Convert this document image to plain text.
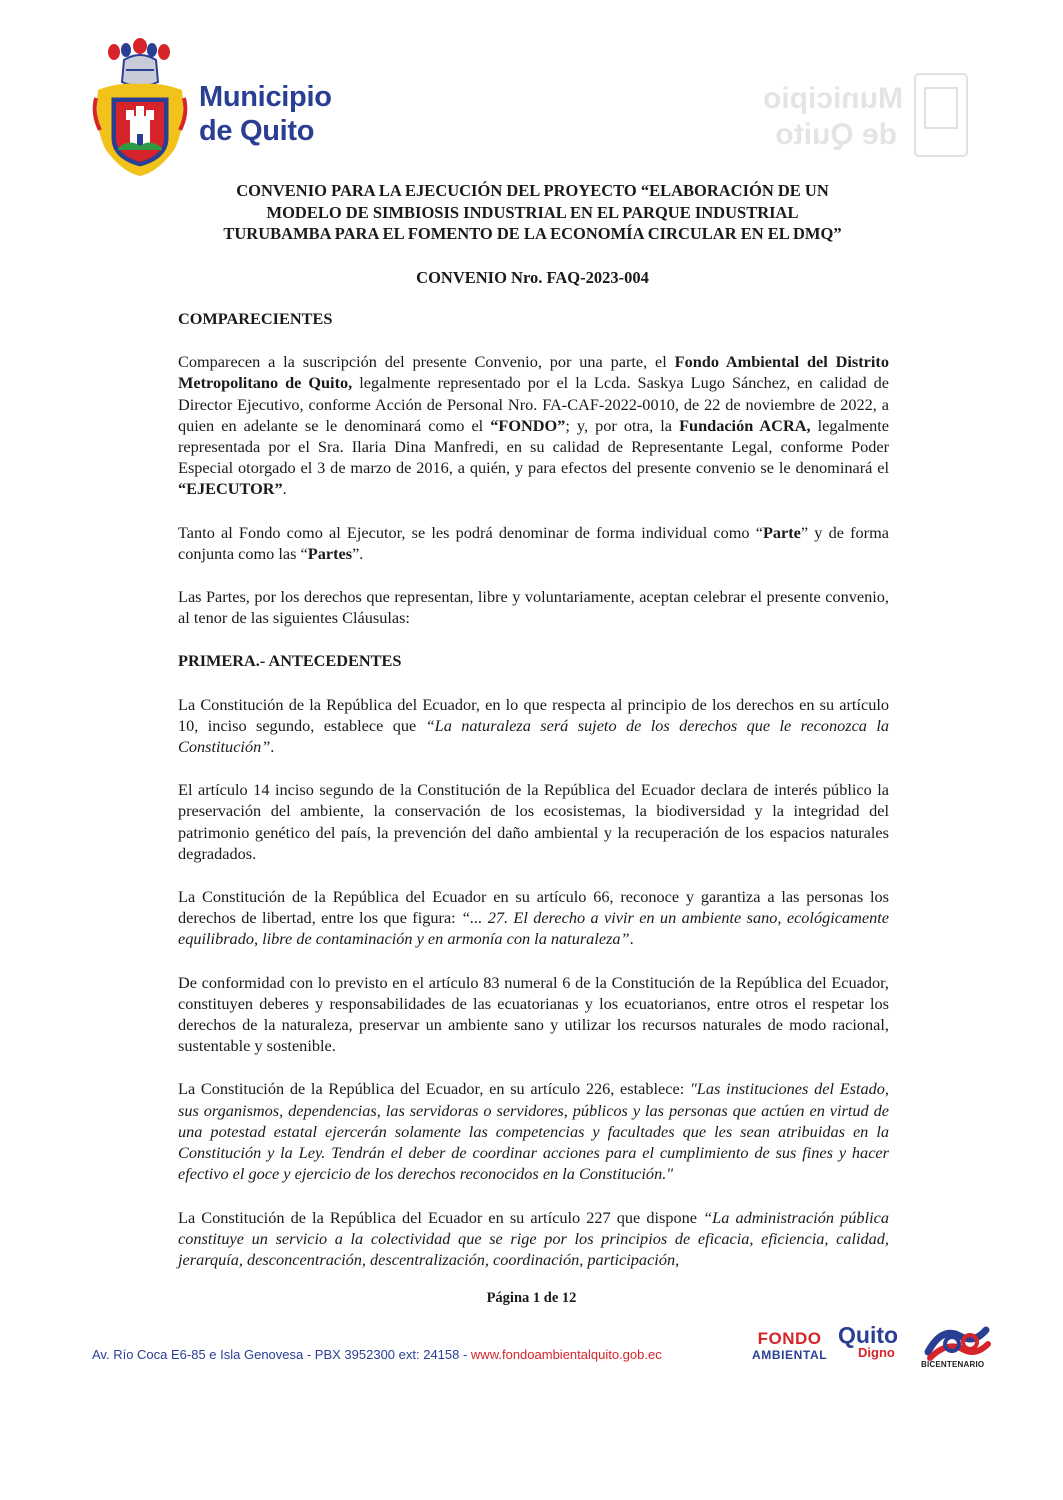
Municipio
de Quito
Municipio
de Quito
CONVENIO PARA LA EJECUCIÓN DEL PROYECTO “ELABORACIÓN DE UN
MODELO DE SIMBIOSIS INDUSTRIAL EN EL PARQUE INDUSTRIAL
TURUBAMBA PARA EL FOMENTO DE LA ECONOMÍA CIRCULAR EN EL DMQ”
CONVENIO Nro. FAQ-2023-004
COMPARECIENTES

Comparecen a la suscripción del presente Convenio, por una parte, el Fondo Ambiental del Distrito Metropolitano de Quito, legalmente representado por el la Lcda. Saskya Lugo Sánchez, en calidad de Director Ejecutivo, conforme Acción de Personal Nro. FA-CAF-2022-0010, de 22 de noviembre de 2022, a quien en adelante se le denominará como el “FONDO”; y, por otra, la Fundación ACRA, legalmente representada por el Sra. Ilaria Dina Manfredi, en su calidad de Representante Legal, conforme Poder Especial otorgado el 3 de marzo de 2016, a quién, y para efectos del presente convenio se le denominará el “EJECUTOR”.

Tanto al Fondo como al Ejecutor, se les podrá denominar de forma individual como “Parte” y de forma conjunta como las “Partes”.

Las Partes, por los derechos que representan, libre y voluntariamente, aceptan celebrar el presente convenio, al tenor de las siguientes Cláusulas:

PRIMERA.- ANTECEDENTES

La Constitución de la República del Ecuador, en lo que respecta al principio de los derechos en su artículo 10, inciso segundo, establece que “La naturaleza será sujeto de los derechos que le reconozca la Constitución”.

El artículo 14 inciso segundo de la Constitución de la República del Ecuador declara de interés público la preservación del ambiente, la conservación de los ecosistemas, la biodiversidad y la integridad del patrimonio genético del país, la prevención del daño ambiental y la recuperación de los espacios naturales degradados.

La Constitución de la República del Ecuador en su artículo 66, reconoce y garantiza a las personas los derechos de libertad, entre los que figura: “... 27. El derecho a vivir en un ambiente sano, ecológicamente equilibrado, libre de contaminación y en armonía con la naturaleza”.

De conformidad con lo previsto en el artículo 83 numeral 6 de la Constitución de la República del Ecuador, constituyen deberes y responsabilidades de las ecuatorianas y los ecuatorianos, entre otros el respetar los derechos de la naturaleza, preservar un ambiente sano y utilizar los recursos naturales de modo racional, sustentable y sostenible.

La Constitución de la República del Ecuador, en su artículo 226, establece: "Las instituciones del Estado, sus organismos, dependencias, las servidoras o servidores, públicos y las personas que actúen en virtud de una potestad estatal ejercerán solamente las competencias y facultades que les sean atribuidas en la Constitución y la Ley. Tendrán el deber de coordinar acciones para el cumplimiento de sus fines y hacer efectivo el goce y ejercicio de los derechos reconocidos en la Constitución."

La Constitución de la República del Ecuador en su artículo 227 que dispone “La administración pública constituye un servicio a la colectividad que se rige por los principios de eficacia, eficiencia, calidad, jerarquía, desconcentración, descentralización, coordinación, participación,

Página 1 de 12
Av. Río Coca E6-85 e Isla Genovesa - PBX 3952300 ext: 24158 - www.fondoambientalquito.gob.ec
FONDO
AMBIENTAL
Quito
Digno
BICENTENARIO
